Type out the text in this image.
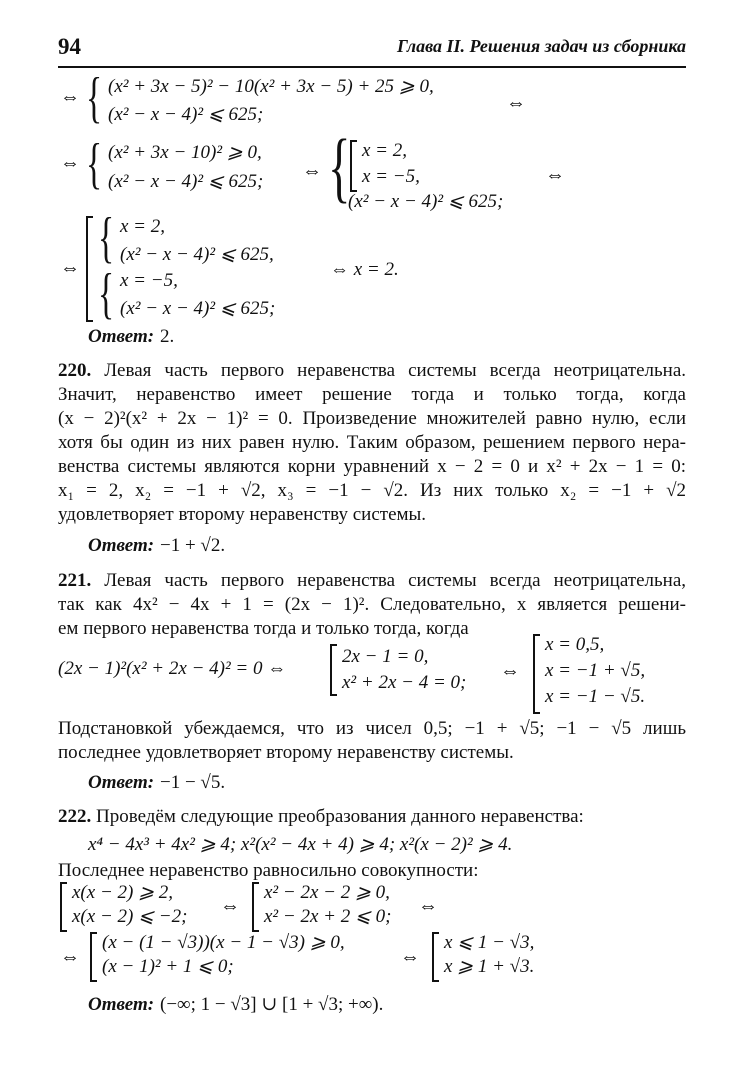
94	Глава II. Решения задач из сборника
⇔ { (x² + 3x − 5)² − 10(x² + 3x − 5) + 25 ⩾ 0,
(x² − x − 4)² ⩽ 625;
⇔
⇔ { (x² + 3x − 10)² ⩾ 0,
(x² − x − 4)² ⩽ 625; ⇔ { x = 2,
x = −5,
(x² − x − 4)² ⩽ 625;
⇔
⇔ { x = 2,
(x² − x − 4)² ⩽ 625,
{ x = −5,
(x² − x − 4)² ⩽ 625;
⇔ x = 2.
Ответ: 2.
220. Левая часть первого неравенства системы всегда неотрицательна.
Значит, неравенство имеет решение тогда и только тогда, когда
(x − 2)²(x² + 2x − 1)² = 0. Произведение множителей равно нулю, если
хотя бы один из них равен нулю. Таким образом, решением первого нера-
венства системы являются корни уравнений x − 2 = 0 и x² + 2x − 1 = 0:
x₁ = 2, x₂ = −1 + √2, x₃ = −1 − √2. Из них только x₂ = −1 + √2
удовлетворяет второму неравенству системы.
Ответ: −1 + √2.
221. Левая часть первого неравенства системы всегда неотрицательна,
так как 4x² − 4x + 1 = (2x − 1)². Следовательно, x является решени-
ем первого неравенства тогда и только тогда, когда
(2x − 1)²(x² + 2x − 4)² = 0 ⇔
2x − 1 = 0,
x² + 2x − 4 = 0;
⇔
x = 0,5,
x = −1 + √5,
x = −1 − √5.
Подстановкой убеждаемся, что из чисел 0,5; −1 + √5; −1 − √5 лишь
последнее удовлетворяет второму неравенству системы.
Ответ: −1 − √5.
222. Проведём следующие преобразования данного неравенства:
x⁴ − 4x³ + 4x² ⩾ 4; x²(x² − 4x + 4) ⩾ 4; x²(x − 2)² ⩾ 4.
Последнее неравенство равносильно совокупности:
x(x − 2) ⩾ 2,
x(x − 2) ⩽ −2; ⇔
x² − 2x − 2 ⩾ 0,
x² − 2x + 2 ⩽ 0; ⇔
⇔
(x − (1 − √3))(x − 1 − √3) ⩾ 0,
(x − 1)² + 1 ⩽ 0;	⇔
x ⩽ 1 − √3,
x ⩾ 1 + √3.
Ответ: (−∞; 1 − √3] ∪ [1 + √3; +∞).
